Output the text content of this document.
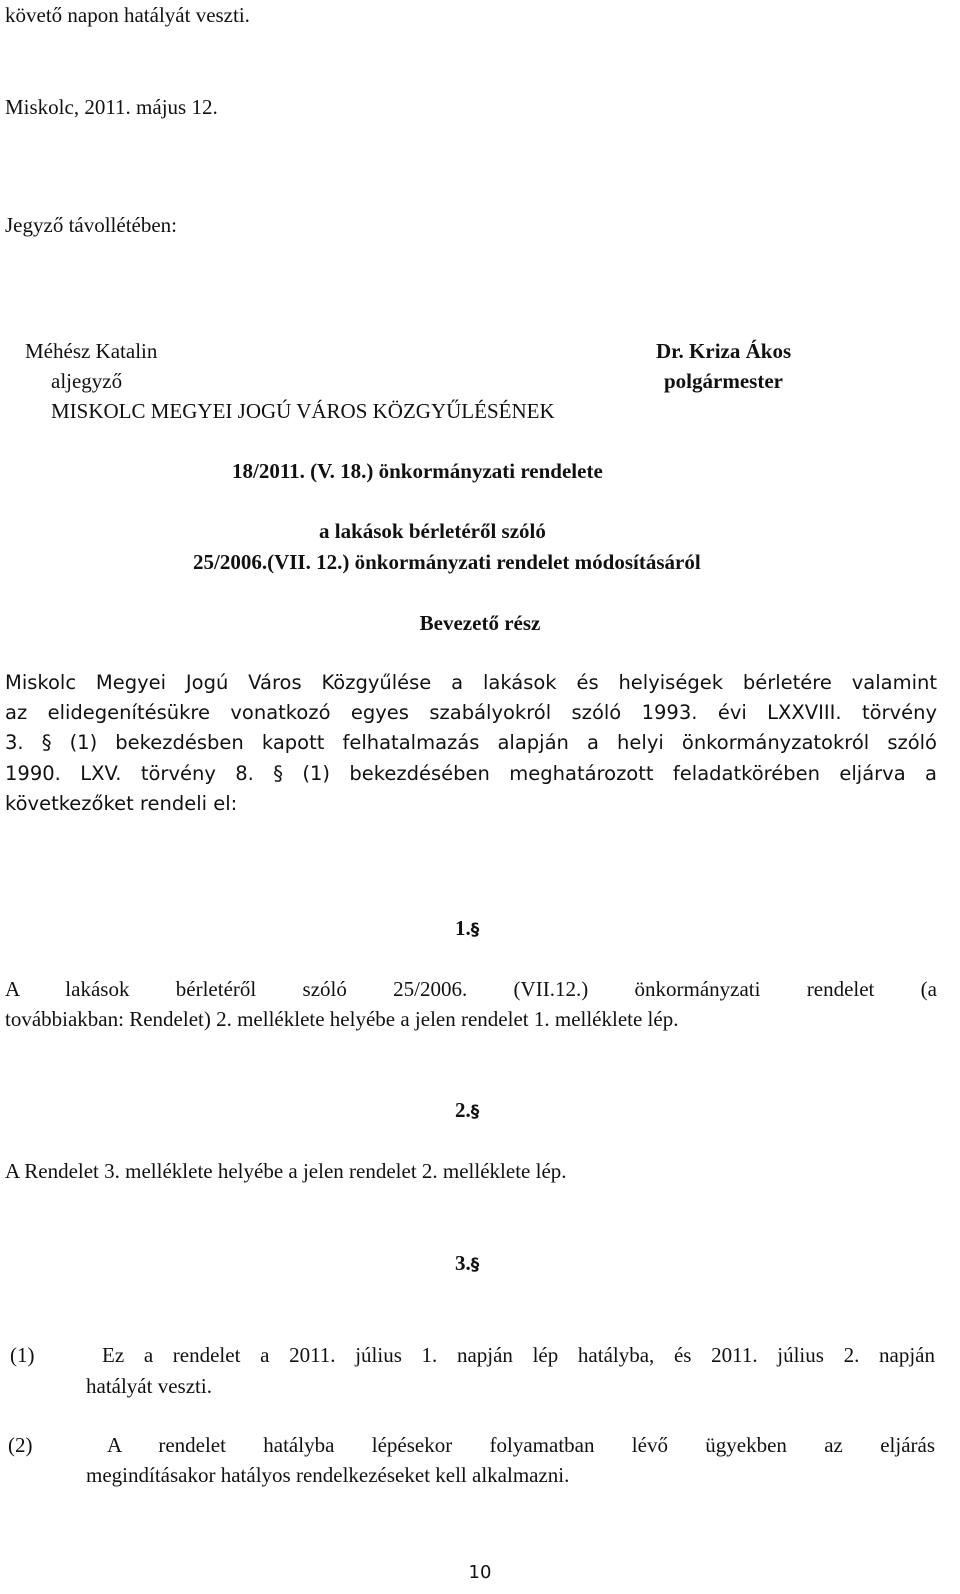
követő napon hatályát veszti.
Miskolc, 2011. május 12.
Jegyző távollétében:
Méhész Katalin
aljegyző
Dr. Kriza Ákos
polgármester
MISKOLC MEGYEI JOGÚ VÁROS KÖZGYŰLÉSÉNEK
18/2011. (V. 18.) önkormányzati rendelete
a lakások bérletéről szóló
25/2006.(VII. 12.) önkormányzati rendelet módosításáról
Bevezető rész
Miskolc Megyei Jogú Város Közgyűlése a lakások és helyiségek bérletére valamint
az elidegenítésükre vonatkozó egyes szabályokról szóló 1993. évi LXXVIII. törvény
3. § (1) bekezdésben kapott felhatalmazás alapján a helyi önkormányzatokról szóló
1990. LXV. törvény 8. § (1) bekezdésében meghatározott feladatkörében eljárva a
következőket rendeli el:
1.§
A lakások bérletéről szóló 25/2006. (VII.12.) önkormányzati rendelet (a
továbbiakban: Rendelet) 2. melléklete helyébe a jelen rendelet 1. melléklete lép.
2.§
A Rendelet 3. melléklete helyébe a jelen rendelet 2. melléklete lép.
3.§
(1)	Ez a rendelet a 2011. július 1. napján lép hatályba, és 2011. július 2. napján
hatályát veszti.
(2)	A rendelet hatályba lépésekor folyamatban lévő ügyekben az eljárás
megindításakor hatályos rendelkezéseket kell alkalmazni.
10
